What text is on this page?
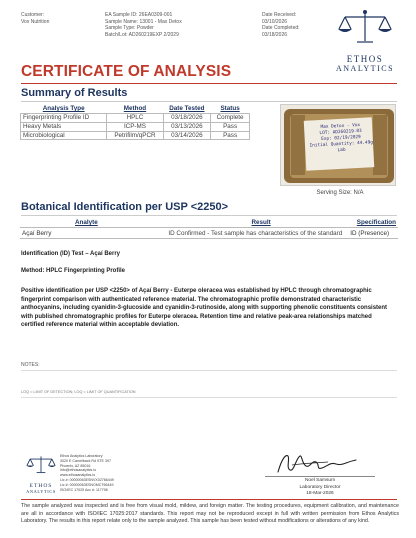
Customer:
Vox Nutrition
EA Sample ID: 26EA0309-001
Sample Name: 13001 - Max Detox
Sample Type: Powder
Batch/Lot: AD260219EXP 2/2029
Date Received:
03/10/2026
Date Completed:
03/18/2026
ETHOS
ANALYTICS
CERTIFICATE OF ANALYSIS
Summary of Results
Analysis Type	Method	Date Tested	Status
Fingerprinting Profile ID	HPLC	03/18/2026	Complete
Heavy Metals	ICP-MS	03/13/2026	Pass
Microbiological	Petrifilm/qPCR	03/14/2026	Pass
Max Detox - Vox
LOT: AD260219-03
Exp: 02/19/2029
Initial Quantity: 44.49g
Lab
Serving Size: N/A
Botanical Identification per USP <2250>
Analyte	Result	Specification
Açaí Berry	ID Confirmed - Test sample has characteristics of the standard	ID (Presence)
Identification (ID) Test – Açaí Berry
Method: HPLC Fingerprinting Profile
Positive identification per USP <2250> of Açaí Berry - Euterpe oleracea was established by HPLC through chromatographic fingerprint comparison with authenticated reference material. The chromatographic profile demonstrated characteristic anthocyanins, including cyanidin-3-glucoside and cyanidin-3-rutinoside, along with supporting phenolic constituents consistent with published chromatographic profiles for Euterpe oleracea. Retention time and relative peak-area relationships matched certified reference material within acceptable deviation.
NOTES:
LOQ = LIMIT OF DETECTION; LOQ = LIMIT OF QUANTIFICATION
ETHOS
ANALYTICS
Ethos Analytics Laboratory
3020 E Camelback Rd STE 397
Phoenix, AZ 85016
info@ethosanalytics.io
www.ethosanalytics.io
Lic #: 00000063ESNVX02766449
Lic #: 00000063ESNOMCT66449
ISO/IEC 17025 Acc #: 117798
Noel Samsum
Laboratory Director
18-Mar-2026
The sample analyzed was inspected and is free from visual mold, mildew, and foreign matter. The testing procedures, equipment calibration, and maintenance are all in accordance with ISO/IEC 17025:2017 standards. This report may not be reproduced except in full with written permission from Ethos Analytics Laboratory. The results in this report relate only to the sample analyzed. This sample has been tested without modifications or alterations of any kind.
